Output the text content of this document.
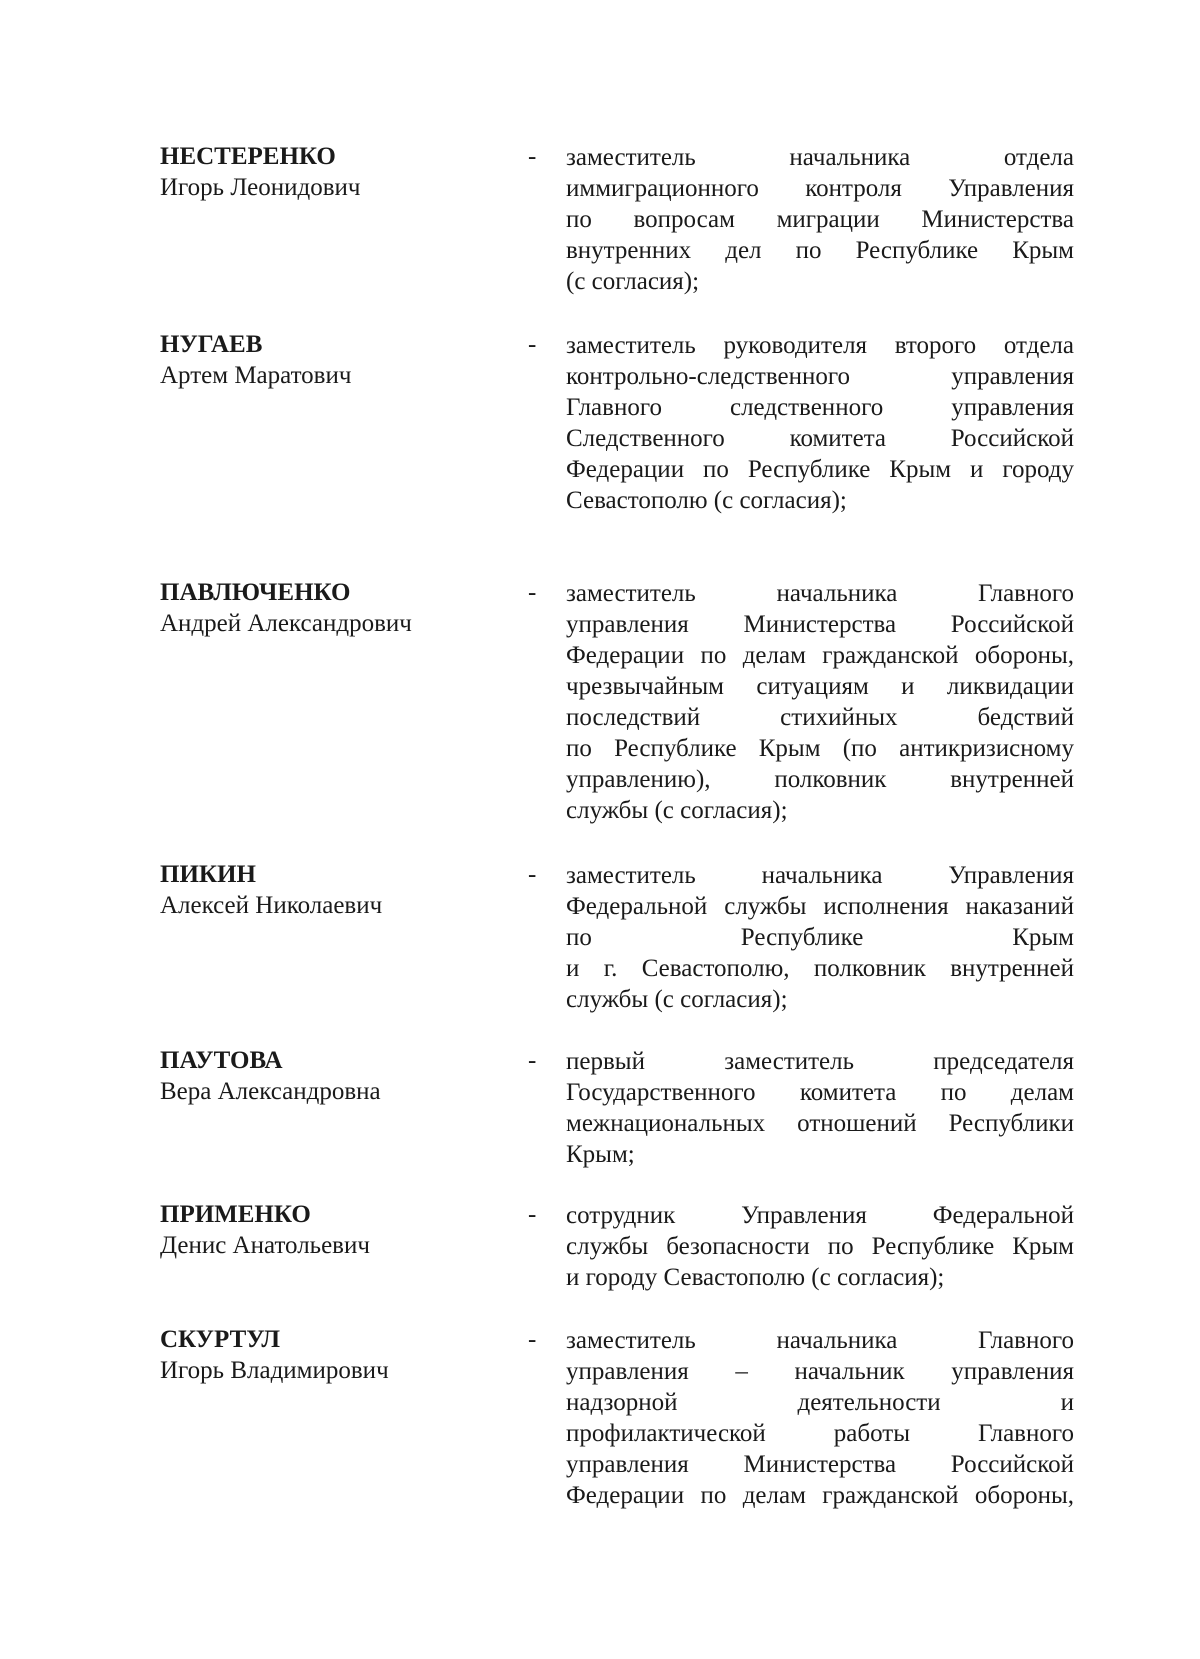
НЕСТЕРЕНКО
Игорь Леонидович
- заместитель начальника отдела
иммиграционного контроля Управления
по вопросам миграции Министерства
внутренних дел по Республике Крым
(с согласия);
НУГАЕВ
Артем Маратович
- заместитель руководителя второго отдела
контрольно-следственного управления
Главного следственного управления
Следственного комитета Российской
Федерации по Республике Крым и городу
Севастополю (с согласия);
ПАВЛЮЧЕНКО
Андрей Александрович
- заместитель начальника Главного
управления Министерства Российской
Федерации по делам гражданской обороны,
чрезвычайным ситуациям и ликвидации
последствий стихийных бедствий
по Республике Крым (по антикризисному
управлению), полковник внутренней
службы (с согласия);
ПИКИН
Алексей Николаевич
- заместитель начальника Управления
Федеральной службы исполнения наказаний
по Республике Крым
и г. Севастополю, полковник внутренней
службы (с согласия);
ПАУТОВА
Вера Александровна
- первый заместитель председателя
Государственного комитета по делам
межнациональных отношений Республики
Крым;
ПРИМЕНКО
Денис Анатольевич
- сотрудник Управления Федеральной
службы безопасности по Республике Крым
и городу Севастополю (с согласия);
СКУРТУЛ
Игорь Владимирович
- заместитель начальника Главного
управления – начальник управления
надзорной деятельности и
профилактической работы Главного
управления Министерства Российской
Федерации по делам гражданской обороны,
